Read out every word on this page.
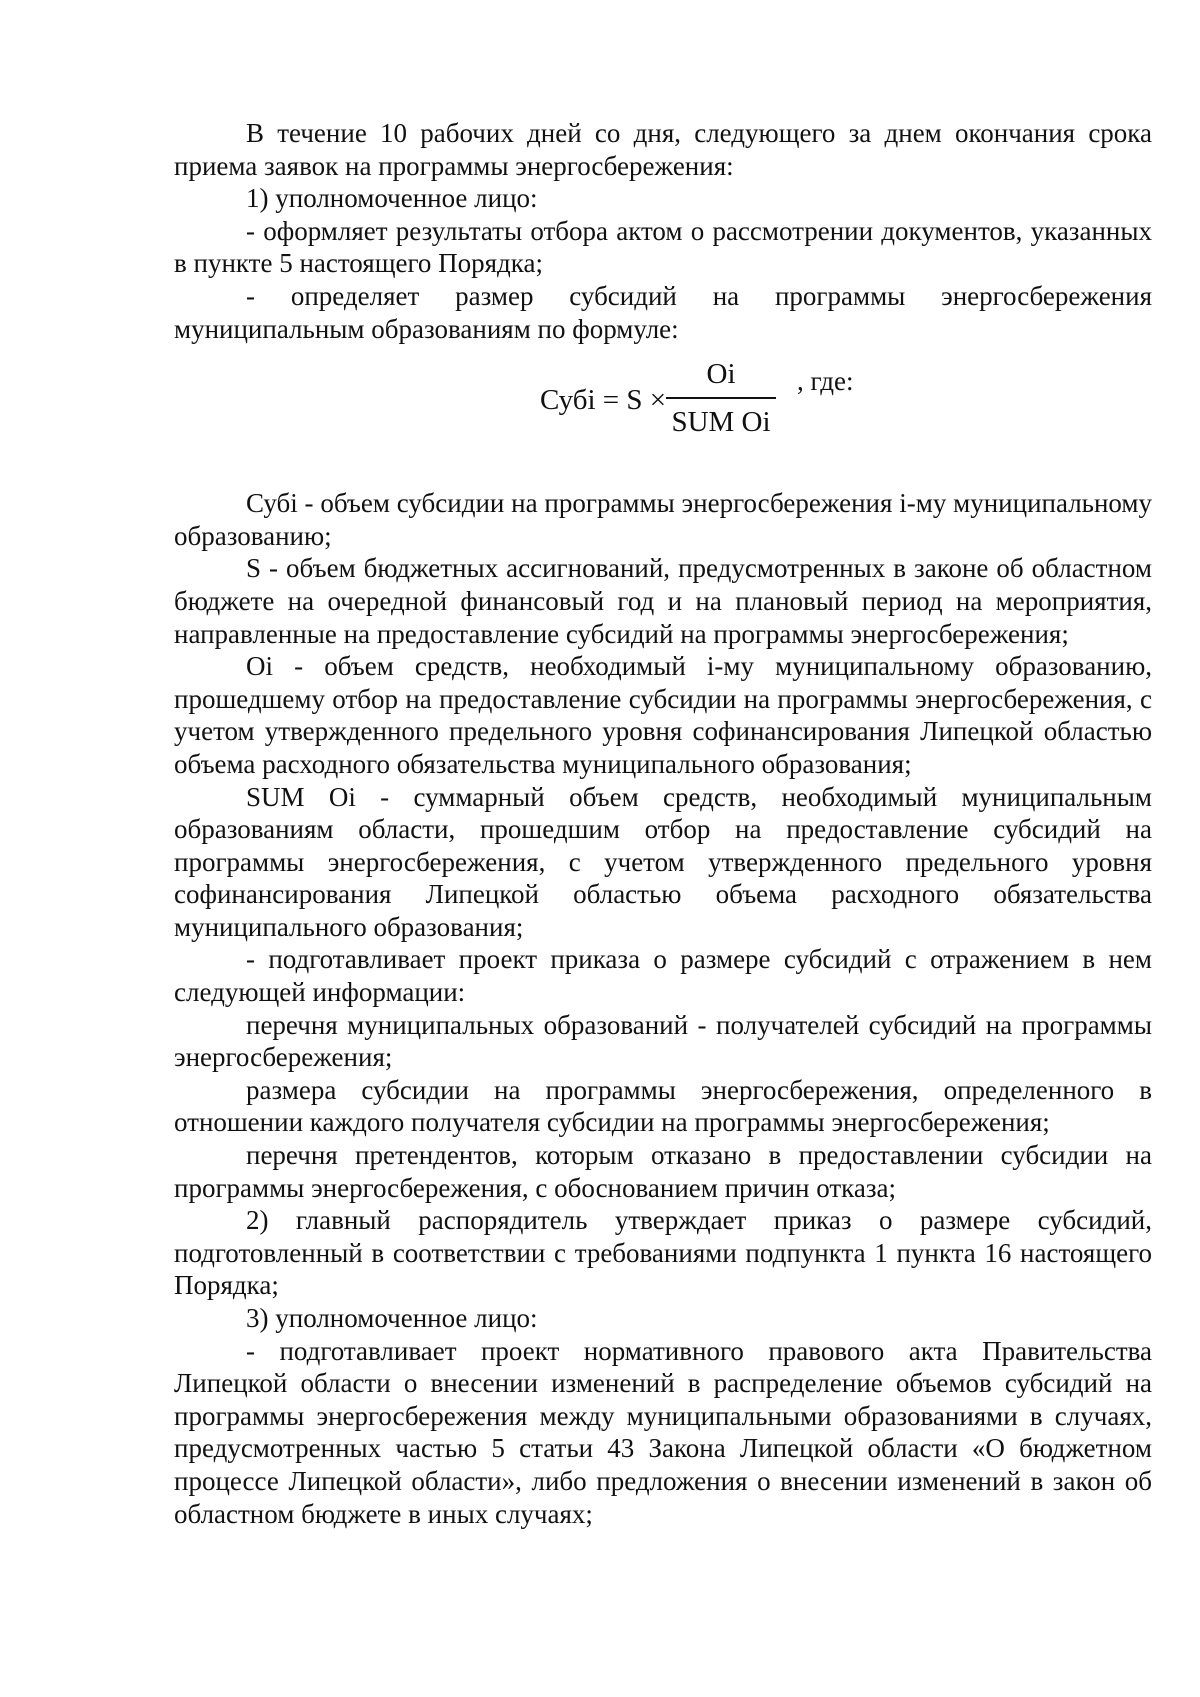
В течение 10 рабочих дней со дня, следующего за днем окончания срока приема заявок на программы энергосбережения:

1) уполномоченное лицо:

- оформляет результаты отбора актом о рассмотрении документов, указанных в пункте 5 настоящего Порядка;

- определяет размер субсидий на программы энергосбережения муниципальным образованиям по формуле:

Субi = S ×
Oi
SUM Oi
, где:

Субi - объем субсидии на программы энергосбережения i-му муниципальному образованию;

S - объем бюджетных ассигнований, предусмотренных в законе об областном бюджете на очередной финансовый год и на плановый период на мероприятия, направленные на предоставление субсидий на программы энергосбережения;

Oi - объем средств, необходимый i-му муниципальному образованию, прошедшему отбор на предоставление субсидии на программы энергосбережения, с учетом утвержденного предельного уровня софинансирования Липецкой областью объема расходного обязательства муниципального образования;

SUM Oi - суммарный объем средств, необходимый муниципальным образованиям области, прошедшим отбор на предоставление субсидий на программы энергосбережения, с учетом утвержденного предельного уровня софинансирования Липецкой областью объема расходного обязательства муниципального образования;

- подготавливает проект приказа о размере субсидий с отражением в нем следующей информации:

перечня муниципальных образований - получателей субсидий на программы энергосбережения;

размера субсидии на программы энергосбережения, определенного в отношении каждого получателя субсидии на программы энергосбережения;

перечня претендентов, которым отказано в предоставлении субсидии на программы энергосбережения, с обоснованием причин отказа;

2) главный распорядитель утверждает приказ о размере субсидий, подготовленный в соответствии с требованиями подпункта 1 пункта 16 настоящего Порядка;

3) уполномоченное лицо:

- подготавливает проект нормативного правового акта Правительства Липецкой области о внесении изменений в распределение объемов субсидий на программы энергосбережения между муниципальными образованиями в случаях, предусмотренных частью 5 статьи 43 Закона Липецкой области «О бюджетном процессе Липецкой области», либо предложения о внесении изменений в закон об областном бюджете в иных случаях;
